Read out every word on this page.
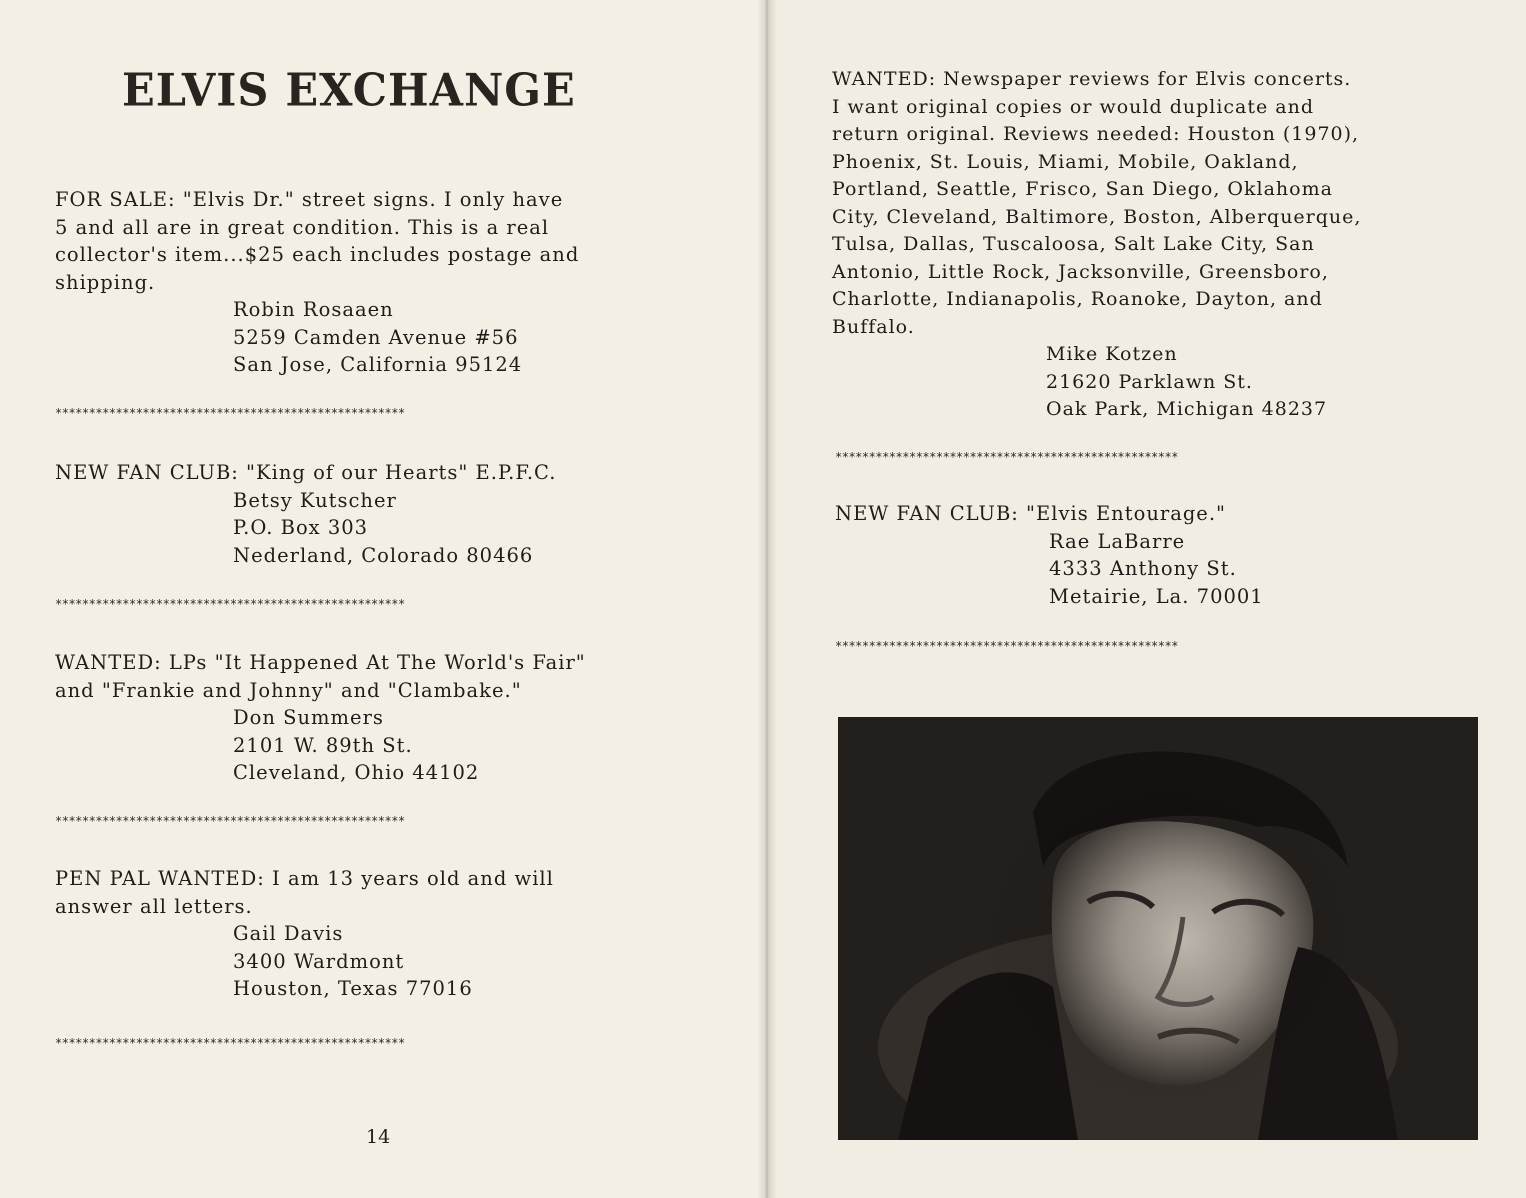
ELVIS EXCHANGE
FOR SALE: "Elvis Dr." street signs. I only have
5 and all are in great condition. This is a real
collector's item...$25 each includes postage and
shipping.
Robin Rosaaen
5259 Camden Avenue #56
San Jose, California 95124
****************************************************
NEW FAN CLUB: "King of our Hearts" E.P.F.C.
Betsy Kutscher
P.O. Box 303
Nederland, Colorado 80466
****************************************************
WANTED: LPs "It Happened At The World's Fair"
and "Frankie and Johnny" and "Clambake."
Don Summers
2101 W. 89th St.
Cleveland, Ohio 44102
****************************************************
PEN PAL WANTED: I am 13 years old and will
answer all letters.
Gail Davis
3400 Wardmont
Houston, Texas 77016
****************************************************
14
WANTED: Newspaper reviews for Elvis concerts.
I want original copies or would duplicate and
return original. Reviews needed: Houston (1970),
Phoenix, St. Louis, Miami, Mobile, Oakland,
Portland, Seattle, Frisco, San Diego, Oklahoma
City, Cleveland, Baltimore, Boston, Alberquerque,
Tulsa, Dallas, Tuscaloosa, Salt Lake City, San
Antonio, Little Rock, Jacksonville, Greensboro,
Charlotte, Indianapolis, Roanoke, Dayton, and
Buffalo.
Mike Kotzen
21620 Parklawn St.
Oak Park, Michigan 48237
***************************************************
NEW FAN CLUB: "Elvis Entourage."
Rae LaBarre
4333 Anthony St.
Metairie, La. 70001
***************************************************
